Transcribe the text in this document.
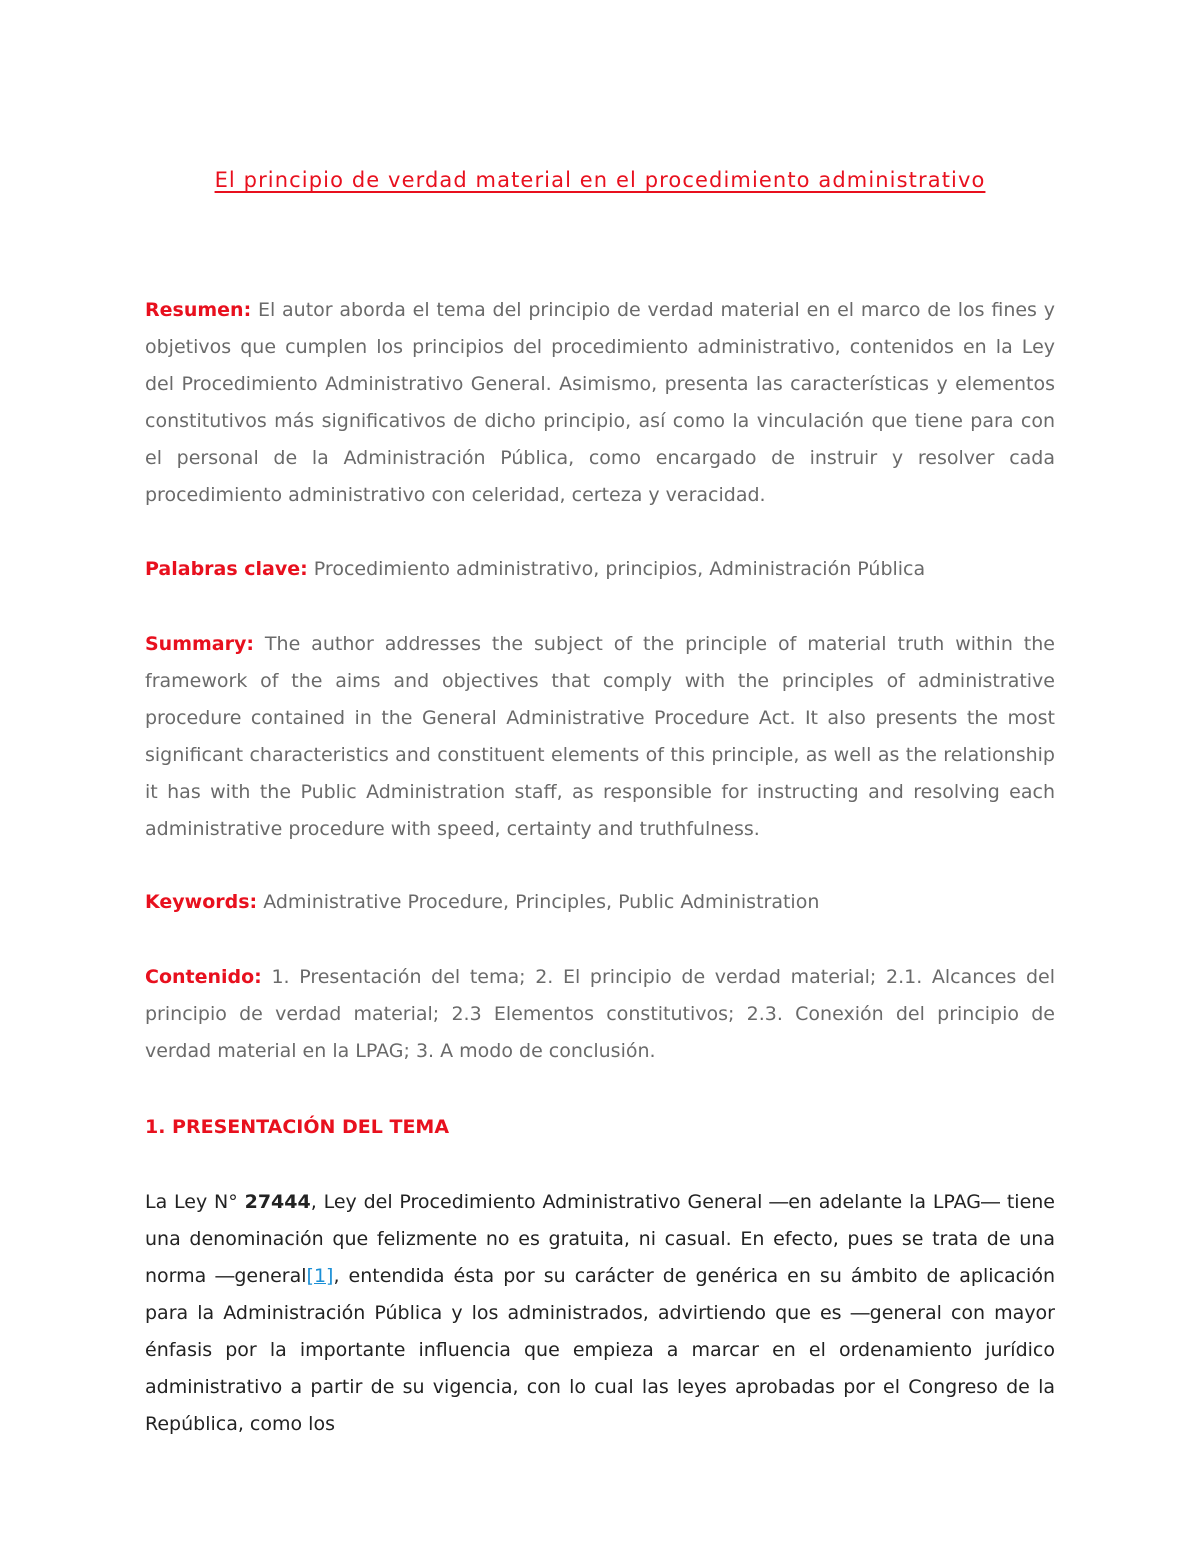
El principio de verdad material en el procedimiento administrativo

Resumen: El autor aborda el tema del principio de verdad material en el marco de los fines y objetivos que cumplen los principios del procedimiento administrativo, contenidos en la Ley del Procedimiento Administrativo General. Asimismo, presenta las características y elementos constitutivos más significativos de dicho principio, así como la vinculación que tiene para con el personal de la Administración Pública, como encargado de instruir y resolver cada procedimiento administrativo con celeridad, certeza y veracidad.

Palabras clave: Procedimiento administrativo, principios, Administración Pública

Summary: The author addresses the subject of the principle of material truth within the framework of the aims and objectives that comply with the principles of administrative procedure contained in the General Administrative Procedure Act. It also presents the most significant characteristics and constituent elements of this principle, as well as the relationship it has with the Public Administration staff, as responsible for instructing and resolving each administrative procedure with speed, certainty and truthfulness.

Keywords: Administrative Procedure, Principles, Public Administration

Contenido: 1. Presentación del tema; 2. El principio de verdad material; 2.1. Alcances del principio de verdad material; 2.3 Elementos constitutivos; 2.3. Conexión del principio de verdad material en la LPAG; 3. A modo de conclusión.

1. PRESENTACIÓN DEL TEMA

La Ley N° 27444, Ley del Procedimiento Administrativo General ―en adelante la LPAG― tiene una denominación que felizmente no es gratuita, ni casual. En efecto, pues se trata de una norma ―general[1], entendida ésta por su carácter de genérica en su ámbito de aplicación para la Administración Pública y los administrados, advirtiendo que es ―general con mayor énfasis por la importante influencia que empieza a marcar en el ordenamiento jurídico administrativo a partir de su vigencia, con lo cual las leyes aprobadas por el Congreso de la República, como los
